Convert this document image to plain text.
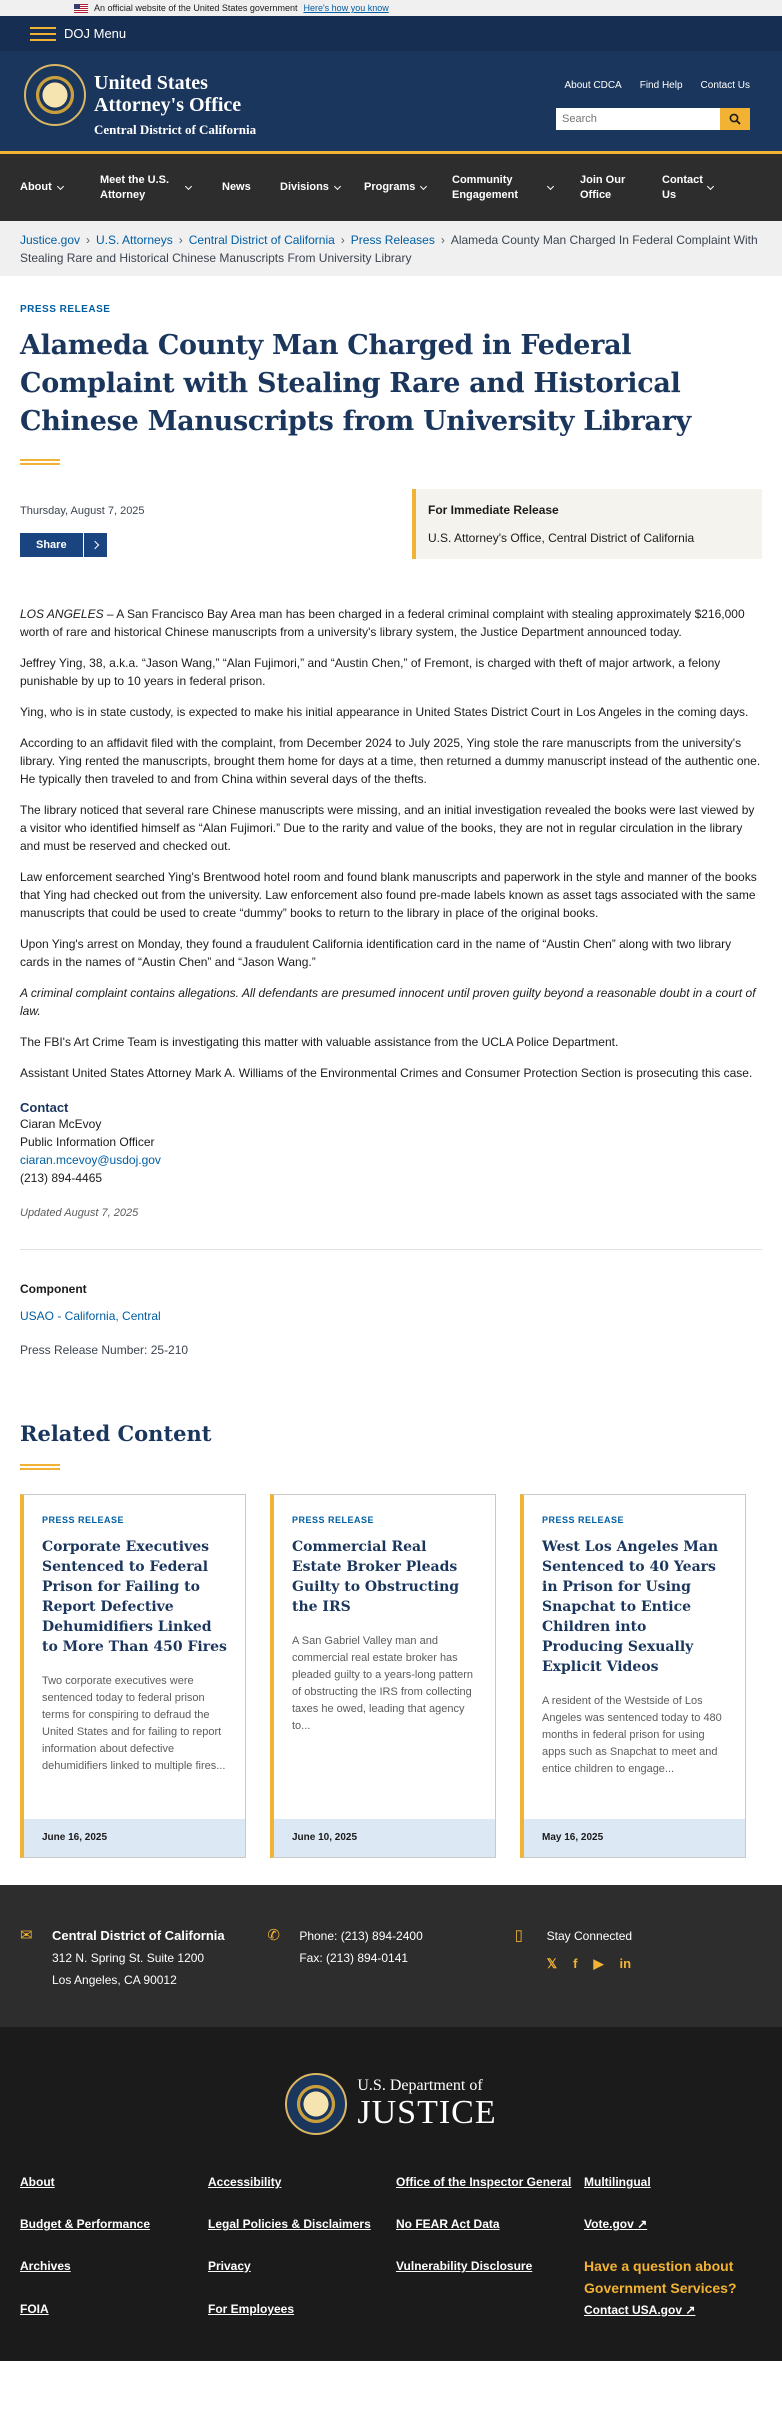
An official website of the United States government Here's how you know
DOJ Menu
United States
Attorney's Office
Central District of California
About CDCA Find Help Contact Us
Search
About
Meet the U.S. Attorney
News	Divisions	Programs
Community Engagement
Join Our Office
Contact Us
Justice.gov › U.S. Attorneys › Central District of California › Press Releases › Alameda County Man Charged In Federal Complaint With Stealing Rare and Historical Chinese Manuscripts From University Library
PRESS RELEASE
Alameda County Man Charged in Federal Complaint with Stealing Rare and Historical Chinese Manuscripts from University Library
Thursday, August 7, 2025
Share
For Immediate Release
U.S. Attorney's Office, Central District of California

LOS ANGELES – A San Francisco Bay Area man has been charged in a federal criminal complaint with stealing approximately $216,000 worth of rare and historical Chinese manuscripts from a university's library system, the Justice Department announced today.

Jeffrey Ying, 38, a.k.a. “Jason Wang,” “Alan Fujimori,” and “Austin Chen,” of Fremont, is charged with theft of major artwork, a felony punishable by up to 10 years in federal prison.

Ying, who is in state custody, is expected to make his initial appearance in United States District Court in Los Angeles in the coming days.

According to an affidavit filed with the complaint, from December 2024 to July 2025, Ying stole the rare manuscripts from the university's library. Ying rented the manuscripts, brought them home for days at a time, then returned a dummy manuscript instead of the authentic one. He typically then traveled to and from China within several days of the thefts.

The library noticed that several rare Chinese manuscripts were missing, and an initial investigation revealed the books were last viewed by a visitor who identified himself as “Alan Fujimori.” Due to the rarity and value of the books, they are not in regular circulation in the library and must be reserved and checked out.

Law enforcement searched Ying's Brentwood hotel room and found blank manuscripts and paperwork in the style and manner of the books that Ying had checked out from the university. Law enforcement also found pre-made labels known as asset tags associated with the same manuscripts that could be used to create “dummy” books to return to the library in place of the original books.

Upon Ying's arrest on Monday, they found a fraudulent California identification card in the name of “Austin Chen” along with two library cards in the names of “Austin Chen” and “Jason Wang.”

A criminal complaint contains allegations. All defendants are presumed innocent until proven guilty beyond a reasonable doubt in a court of law.

The FBI's Art Crime Team is investigating this matter with valuable assistance from the UCLA Police Department.

Assistant United States Attorney Mark A. Williams of the Environmental Crimes and Consumer Protection Section is prosecuting this case.

Contact
Ciaran McEvoy
Public Information Officer
ciaran.mcevoy@usdoj.gov
(213) 894-4465
Updated August 7, 2025
Component
USAO - California, Central
Press Release Number: 25-210
Related Content
PRESS RELEASE
Corporate Executives Sentenced to Federal Prison for Failing to Report Defective Dehumidifiers Linked to More Than 450 Fires
Two corporate executives were sentenced today to federal prison terms for conspiring to defraud the United States and for failing to report information about defective dehumidifiers linked to multiple fires...
June 16, 2025
PRESS RELEASE
Commercial Real Estate Broker Pleads Guilty to Obstructing the IRS
A San Gabriel Valley man and commercial real estate broker has pleaded guilty to a years-long pattern of obstructing the IRS from collecting taxes he owed, leading that agency to...
June 10, 2025
PRESS RELEASE
West Los Angeles Man Sentenced to 40 Years in Prison for Using Snapchat to Entice Children into Producing Sexually Explicit Videos
A resident of the Westside of Los Angeles was sentenced today to 480 months in federal prison for using apps such as Snapchat to meet and entice children to engage...
May 16, 2025
✉ Central District of California
312 N. Spring St. Suite 1200
Los Angeles, CA 90012
✆ Phone: (213) 894-2400
Fax: (213) 894-0141
▯	Stay Connected
𝕏 f ▶ in
U.S. Department of
JUSTICE
About	Accessibility	Office of the Inspector General	Multilingual
Budget & Performance	Legal Policies & Disclaimers	No FEAR Act Data	Vote.gov ↗
Archives	Privacy	Vulnerability Disclosure	Have a question about Government Services?
Contact USA.gov ↗
FOIA	For Employees
